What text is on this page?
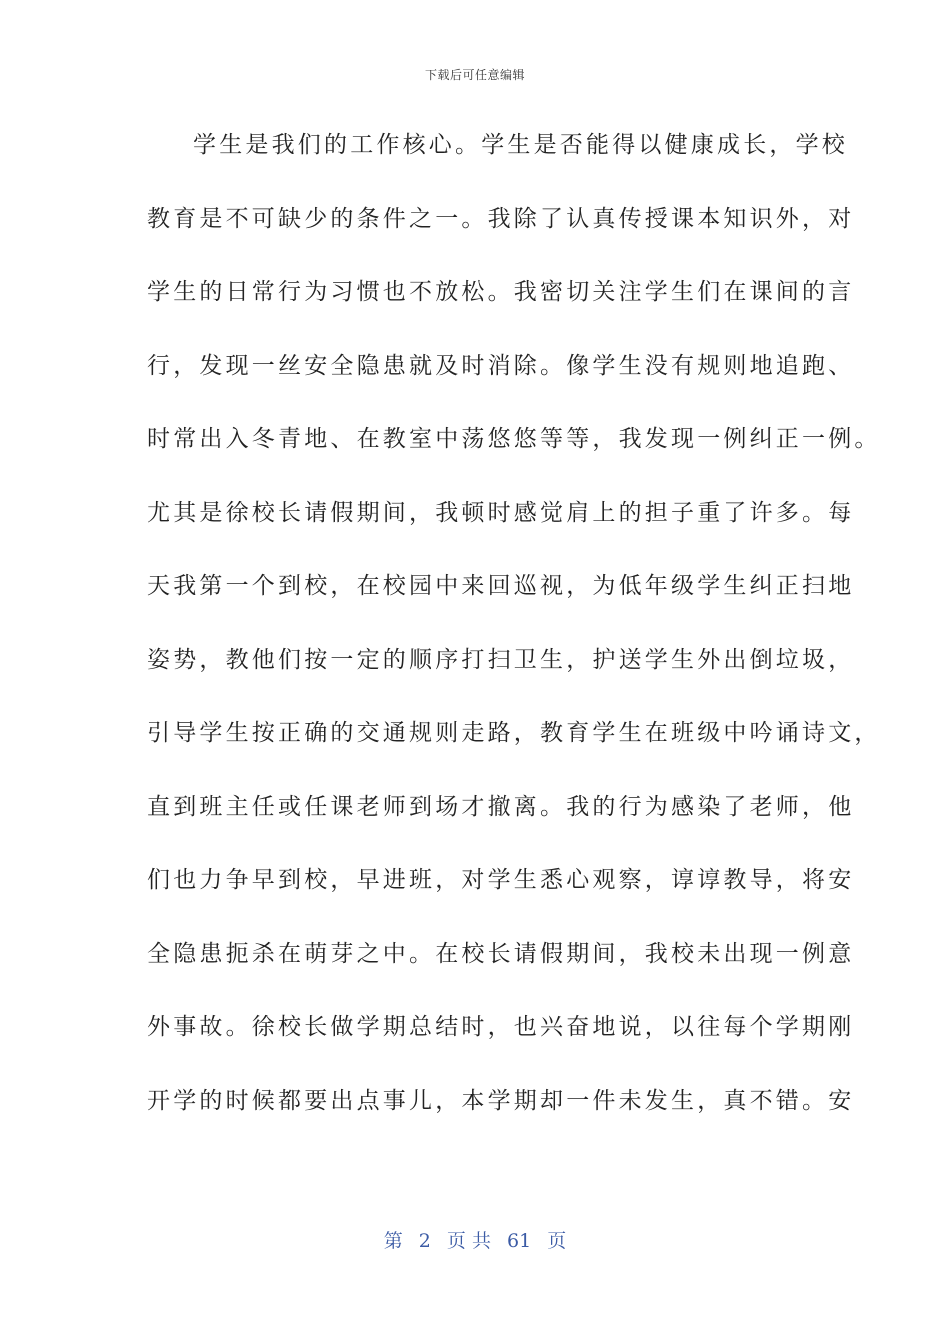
下载后可任意编辑
学生是我们的工作核心。学生是否能得以健康成长，学校
教育是不可缺少的条件之一。我除了认真传授课本知识外，对
学生的日常行为习惯也不放松。我密切关注学生们在课间的言
行，发现一丝安全隐患就及时消除。像学生没有规则地追跑、
时常出入冬青地、在教室中荡悠悠等等，我发现一例纠正一例。
尤其是徐校长请假期间，我顿时感觉肩上的担子重了许多。每
天我第一个到校，在校园中来回巡视，为低年级学生纠正扫地
姿势，教他们按一定的顺序打扫卫生，护送学生外出倒垃圾，
引导学生按正确的交通规则走路，教育学生在班级中吟诵诗文，
直到班主任或任课老师到场才撤离。我的行为感染了老师，他
们也力争早到校，早进班，对学生悉心观察，谆谆教导，将安
全隐患扼杀在萌芽之中。在校长请假期间，我校未出现一例意
外事故。徐校长做学期总结时，也兴奋地说，以往每个学期刚
开学的时候都要出点事儿，本学期却一件未发生，真不错。安
第 2 页 共 61 页
